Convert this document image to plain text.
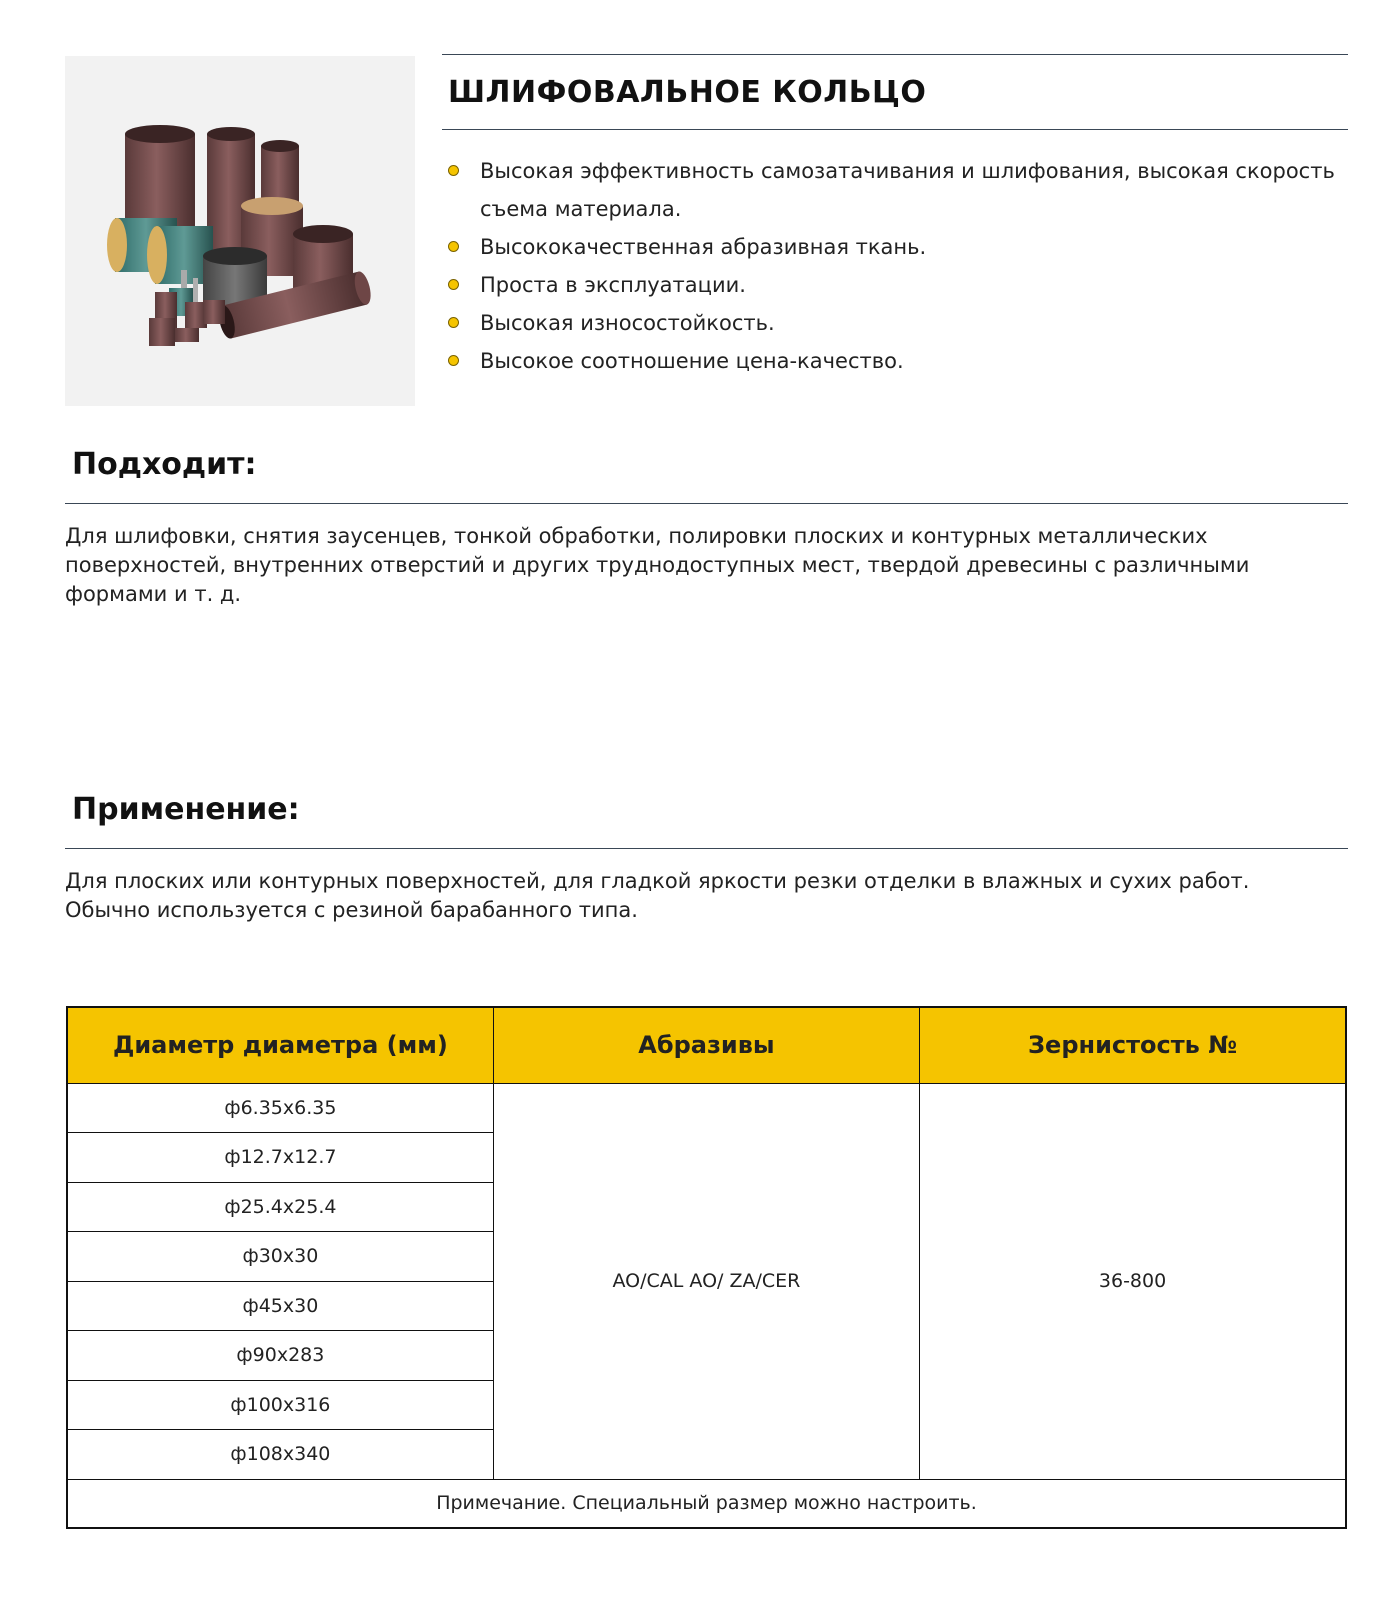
ШЛИФОВАЛЬНОЕ КОЛЬЦО
Высокая эффективность самозатачивания и шлифования, высокая скорость съема материала.
Высококачественная абразивная ткань.
Проста в эксплуатации.
Высокая износостойкость.
Высокое соотношение цена-качество.
Подходит:

Для шлифовки, снятия заусенцев, тонкой обработки, полировки плоских и контурных металлических поверхностей, внутренних отверстий и других труднодоступных мест, твердой древесины с различными формами и т. д.

Применение:

Для плоских или контурных поверхностей, для гладкой яркости резки отделки в влажных и сухих работ. Обычно используется с резиной барабанного типа.

Диаметр диаметра (мм)	Абразивы	Зернистость №
ф6.35x6.35	AO/CAL AO/ ZA/CER	36-800
ф12.7x12.7		
ф25.4x25.4		
ф30x30		
ф45x30		
ф90x283		
ф100x316		
ф108x340		
Примечание. Специальный размер можно настроить.		
